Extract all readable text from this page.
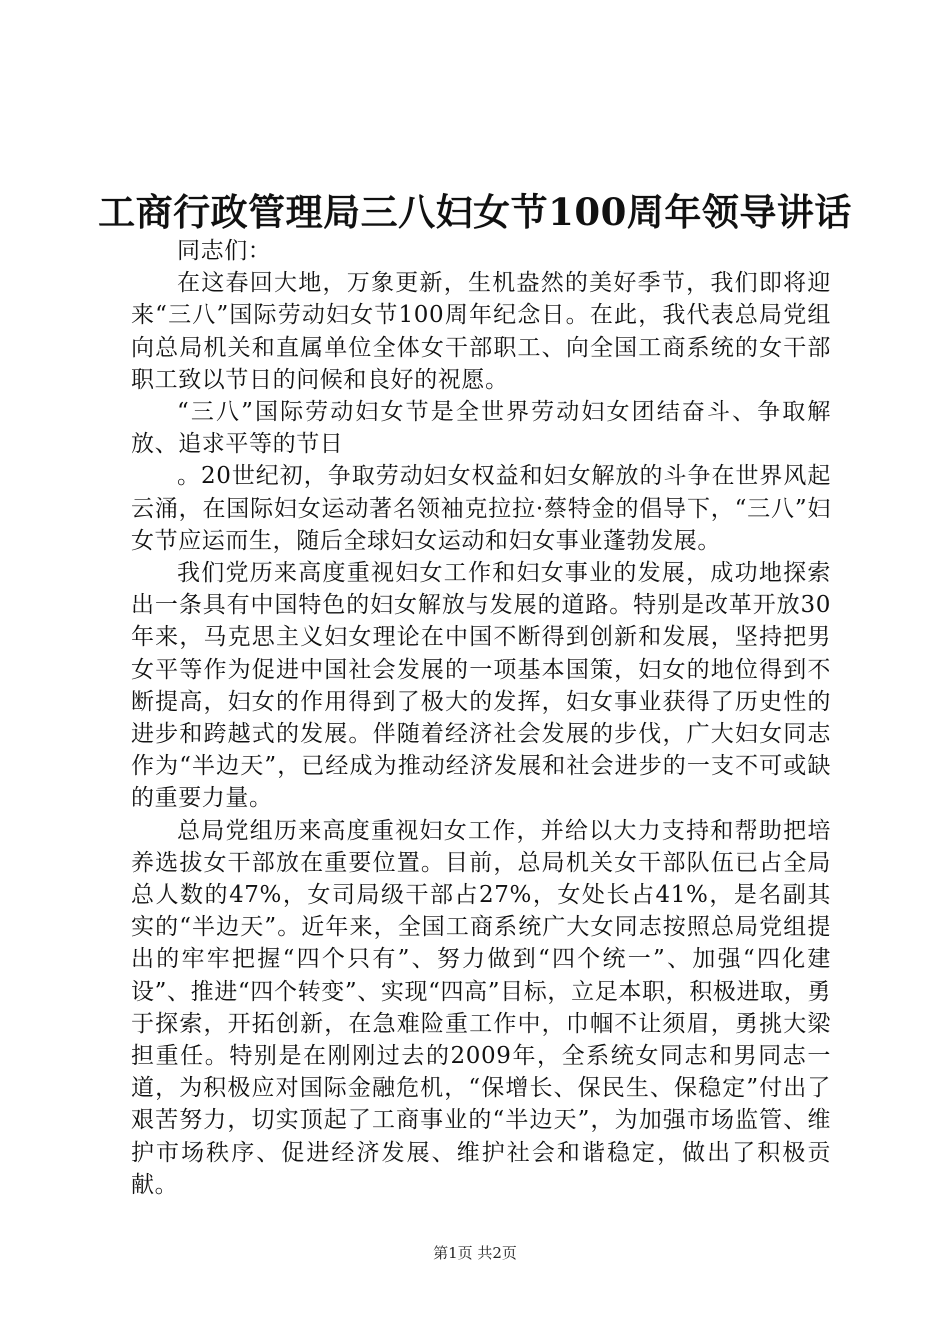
工商行政管理局三八妇女节100周年领导讲话

同志们：

在这春回大地，万象更新，生机盎然的美好季节，我们即将迎来“三八”国际劳动妇女节100周年纪念日。在此，我代表总局党组向总局机关和直属单位全体女干部职工、向全国工商系统的女干部职工致以节日的问候和良好的祝愿。

“三八”国际劳动妇女节是全世界劳动妇女团结奋斗、争取解放、追求平等的节日

。20世纪初，争取劳动妇女权益和妇女解放的斗争在世界风起云涌，在国际妇女运动著名领袖克拉拉·蔡特金的倡导下，“三八”妇女节应运而生，随后全球妇女运动和妇女事业蓬勃发展。

我们党历来高度重视妇女工作和妇女事业的发展，成功地探索出一条具有中国特色的妇女解放与发展的道路。特别是改革开放30年来，马克思主义妇女理论在中国不断得到创新和发展，坚持把男女平等作为促进中国社会发展的一项基本国策，妇女的地位得到不断提高，妇女的作用得到了极大的发挥，妇女事业获得了历史性的进步和跨越式的发展。伴随着经济社会发展的步伐，广大妇女同志作为“半边天”，已经成为推动经济发展和社会进步的一支不可或缺的重要力量。

总局党组历来高度重视妇女工作，并给以大力支持和帮助把培养选拔女干部放在重要位置。目前，总局机关女干部队伍已占全局总人数的47%，女司局级干部占27%，女处长占41%，是名副其实的“半边天”。近年来，全国工商系统广大女同志按照总局党组提出的牢牢把握“四个只有”、努力做到“四个统一”、加强“四化建设”、推进“四个转变”、实现“四高”目标，立足本职，积极进取，勇于探索，开拓创新，在急难险重工作中，巾帼不让须眉，勇挑大梁担重任。特别是在刚刚过去的2009年，全系统女同志和男同志一道，为积极应对国际金融危机，“保增长、保民生、保稳定”付出了艰苦努力，切实顶起了工商事业的“半边天”，为加强市场监管、维护市场秩序、促进经济发展、维护社会和谐稳定，做出了积极贡献。

第1页 共2页
